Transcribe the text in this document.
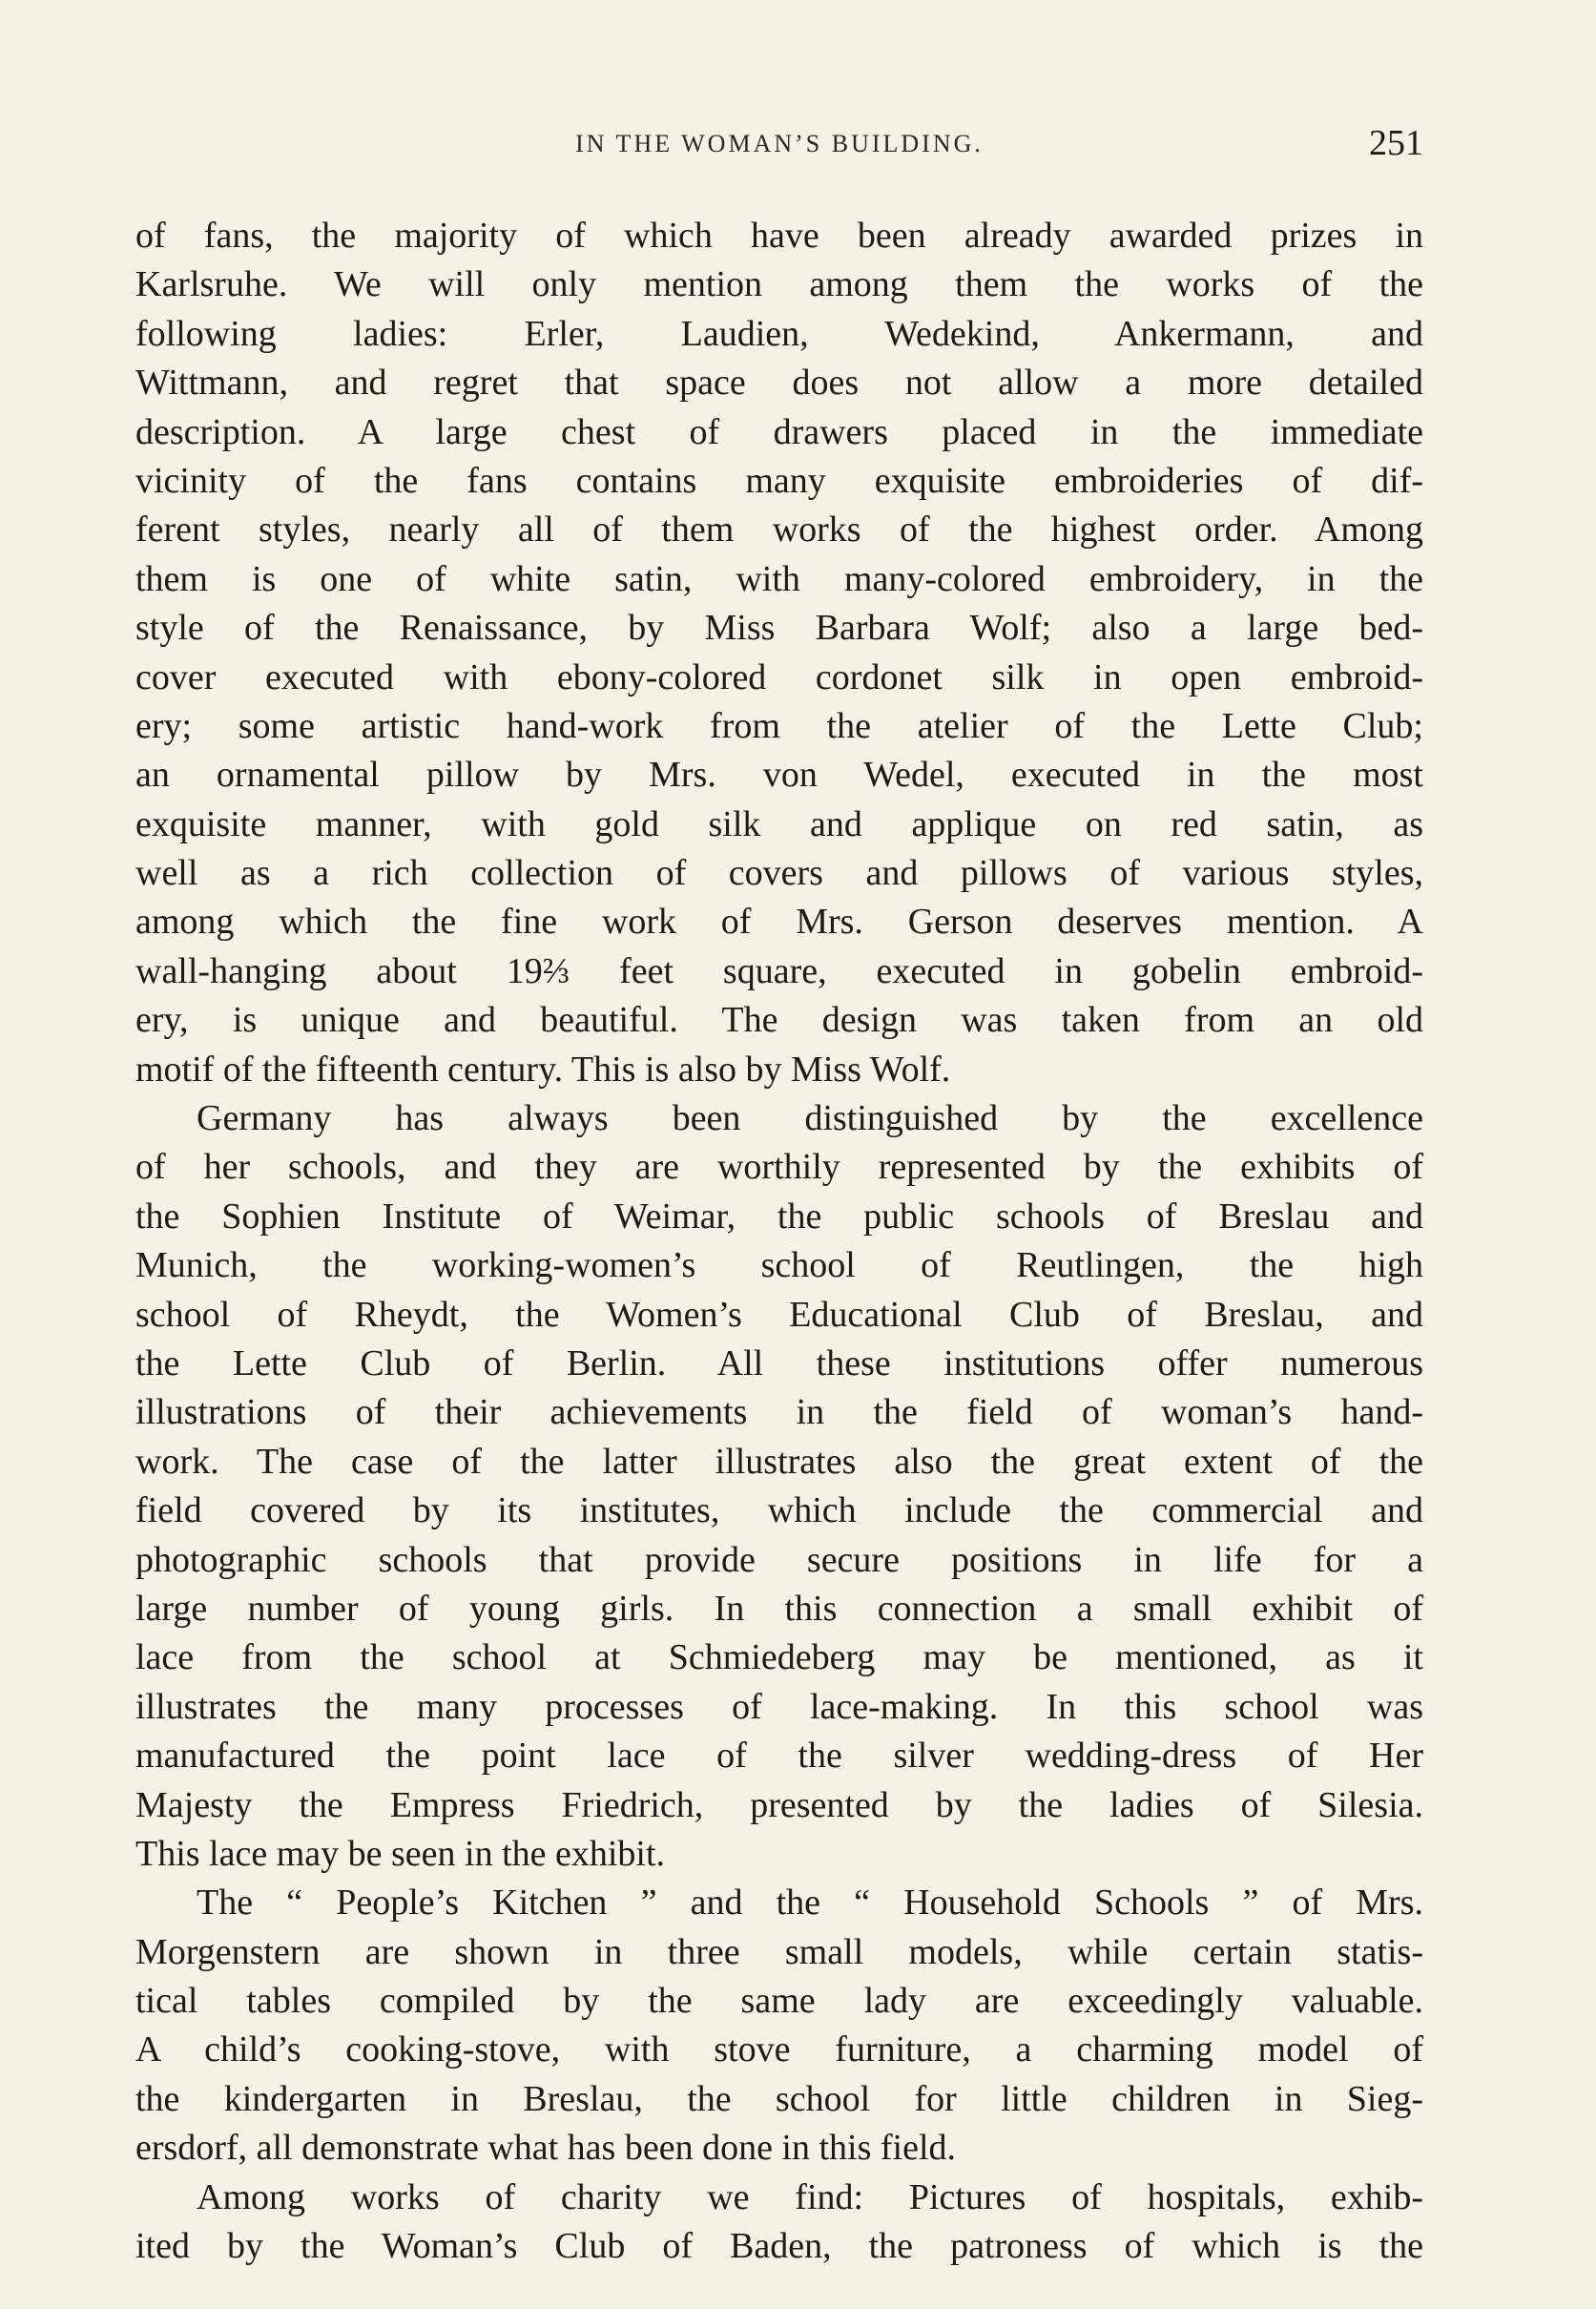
IN THE WOMAN’S BUILDING.	251
of fans, the majority of which have been already awarded prizes in
Karlsruhe. We will only mention among them the works of the
following ladies: Erler, Laudien, Wedekind, Ankermann, and
Wittmann, and regret that space does not allow a more detailed
description. A large chest of drawers placed in the immediate
vicinity of the fans contains many exquisite embroideries of dif-
ferent styles, nearly all of them works of the highest order. Among
them is one of white satin, with many-colored embroidery, in the
style of the Renaissance, by Miss Barbara Wolf; also a large bed-
cover executed with ebony-colored cordonet silk in open embroid-
ery; some artistic hand-work from the atelier of the Lette Club;
an ornamental pillow by Mrs. von Wedel, executed in the most
exquisite manner, with gold silk and applique on red satin, as
well as a rich collection of covers and pillows of various styles,
among which the fine work of Mrs. Gerson deserves mention. A
wall-hanging about 19⅔ feet square, executed in gobelin embroid-
ery, is unique and beautiful. The design was taken from an old
motif of the fifteenth century. This is also by Miss Wolf.
Germany has always been distinguished by the excellence
of her schools, and they are worthily represented by the exhibits of
the Sophien Institute of Weimar, the public schools of Breslau and
Munich, the working-women’s school of Reutlingen, the high
school of Rheydt, the Women’s Educational Club of Breslau, and
the Lette Club of Berlin. All these institutions offer numerous
illustrations of their achievements in the field of woman’s hand-
work. The case of the latter illustrates also the great extent of the
field covered by its institutes, which include the commercial and
photographic schools that provide secure positions in life for a
large number of young girls. In this connection a small exhibit of
lace from the school at Schmiedeberg may be mentioned, as it
illustrates the many processes of lace-making. In this school was
manufactured the point lace of the silver wedding-dress of Her
Majesty the Empress Friedrich, presented by the ladies of Silesia.
This lace may be seen in the exhibit.
The “ People’s Kitchen ” and the “ Household Schools ” of Mrs.
Morgenstern are shown in three small models, while certain statis-
tical tables compiled by the same lady are exceedingly valuable.
A child’s cooking-stove, with stove furniture, a charming model of
the kindergarten in Breslau, the school for little children in Sieg-
ersdorf, all demonstrate what has been done in this field.
Among works of charity we find: Pictures of hospitals, exhib-
ited by the Woman’s Club of Baden, the patroness of which is the
